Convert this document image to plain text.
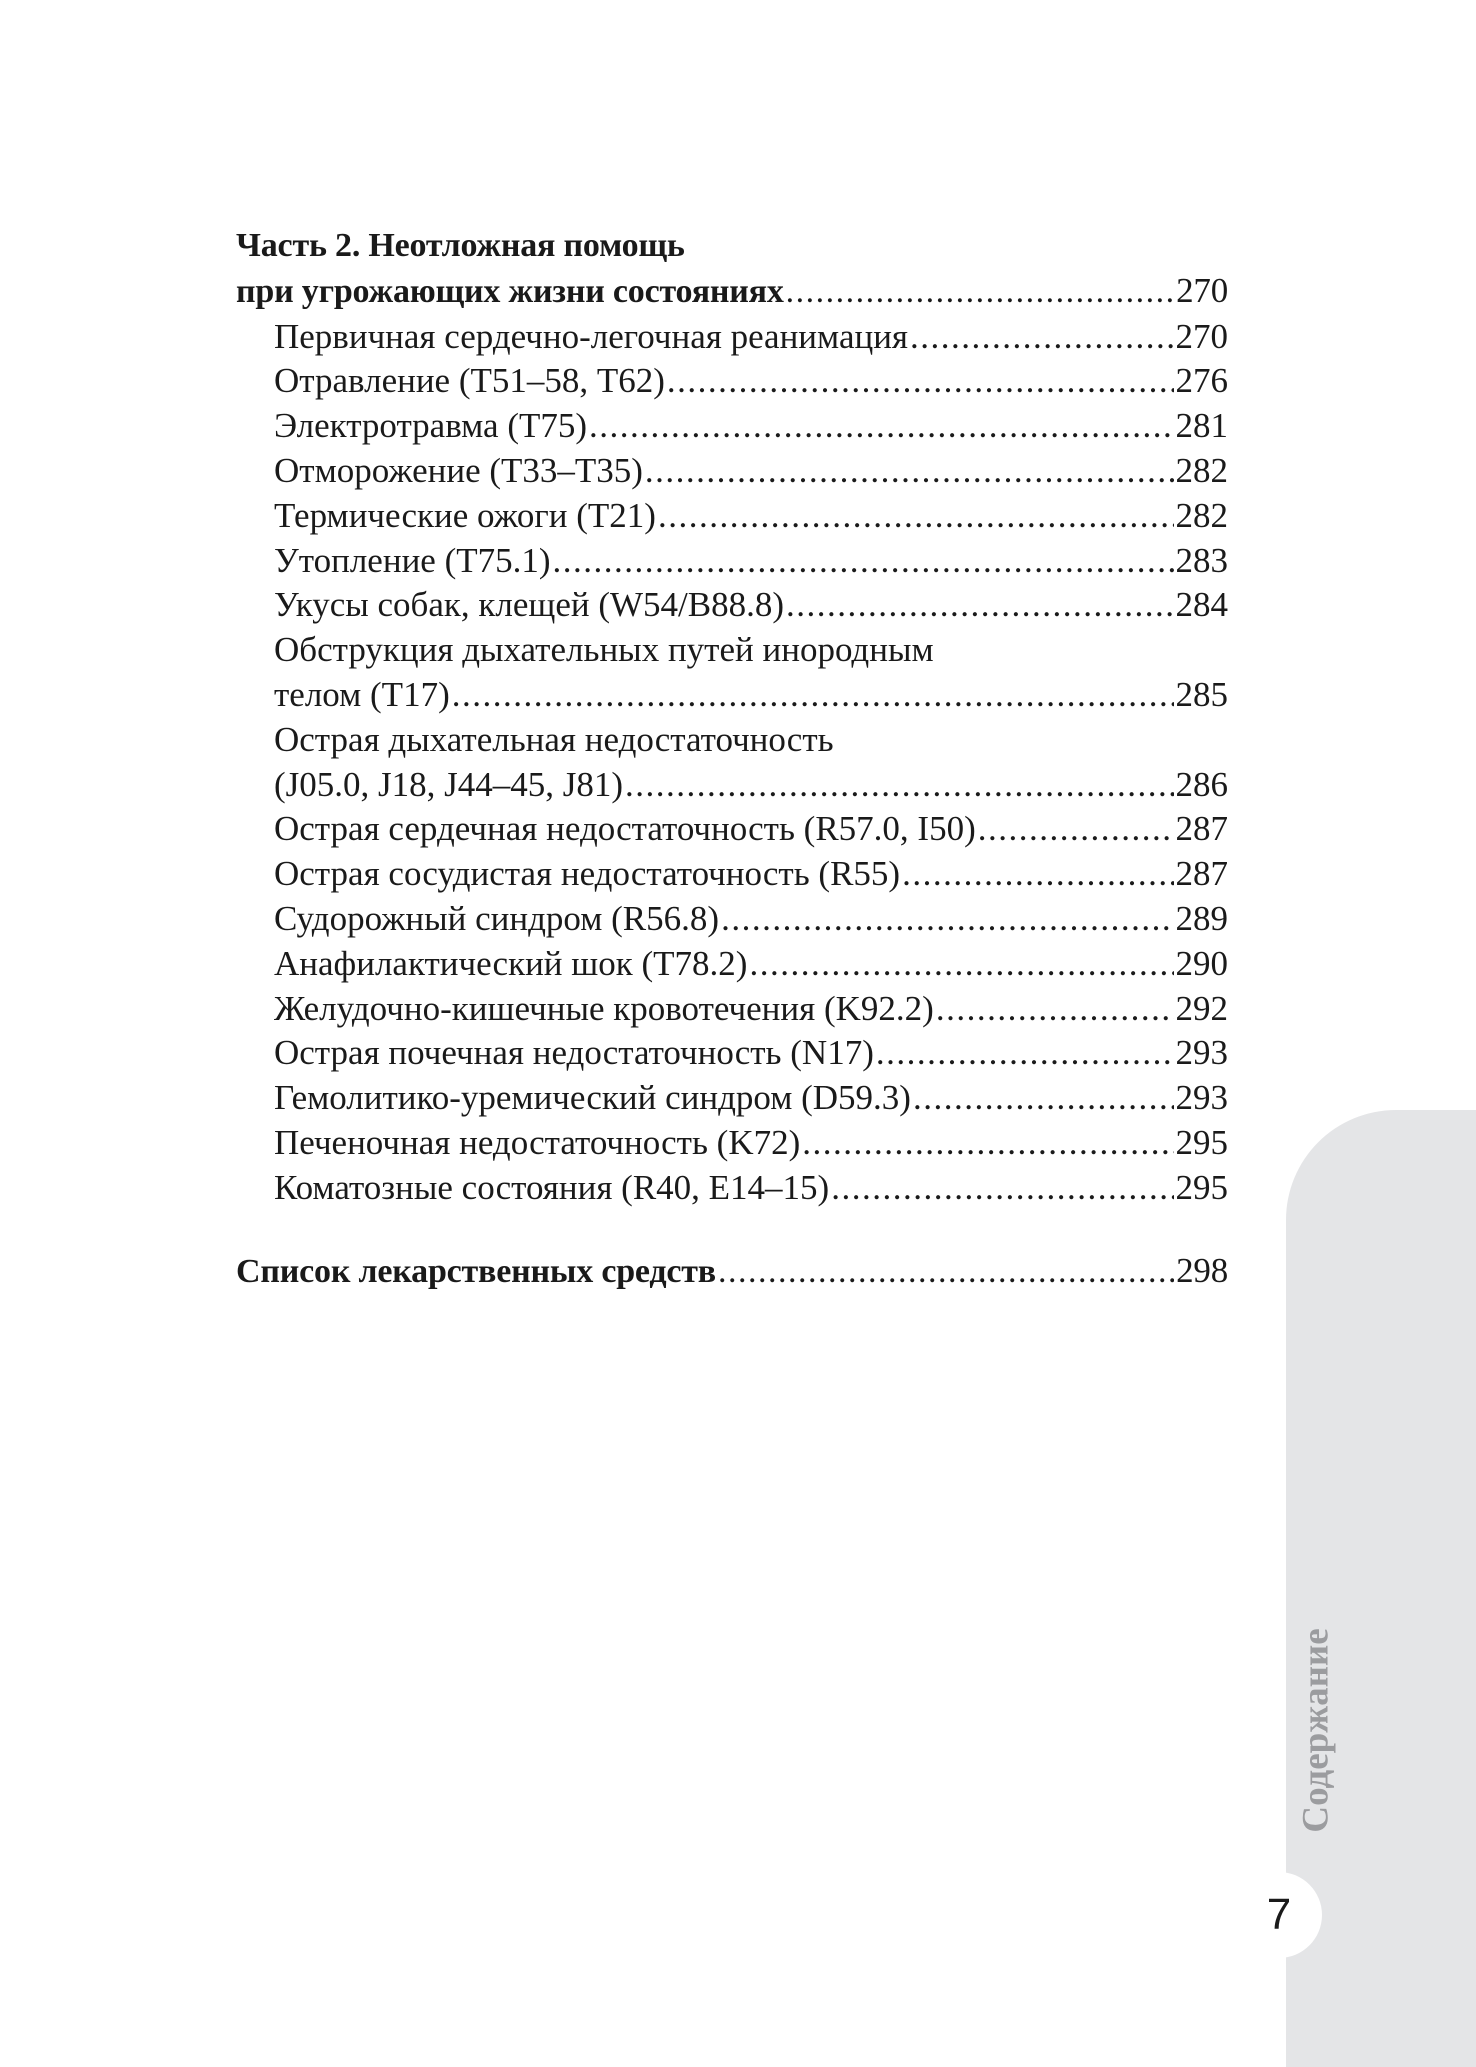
Часть 2. Неотложная помощь
при угрожающих жизни состояниях .....	270
Первичная сердечно-легочная реанимация .....	270
Отравление (Т51–58, Т62) .....	276
Электротравма (Т75) .....	281
Отморожение (Т33–Т35) .....	282
Термические ожоги (Т21) .....	282
Утопление (Т75.1) .....	283
Укусы собак, клещей (W54/B88.8) .....	284
Обструкция дыхательных путей инородным
телом (Т17) .....	285
Острая дыхательная недостаточность
(J05.0, J18, J44–45, J81) .....	286
Острая сердечная недостаточность (R57.0, I50) .....	287
Острая сосудистая недостаточность (R55) .....	287
Судорожный синдром (R56.8) .....	289
Анафилактический шок (Т78.2) .....	290
Желудочно-кишечные кровотечения (K92.2) .....	292
Острая почечная недостаточность (N17) .....	293
Гемолитико-уремический синдром (D59.3) .....	293
Печеночная недостаточность (K72) .....	295
Коматозные состояния (R40, E14–15) .....	295
Список лекарственных средств .....	298
Содержание
7
